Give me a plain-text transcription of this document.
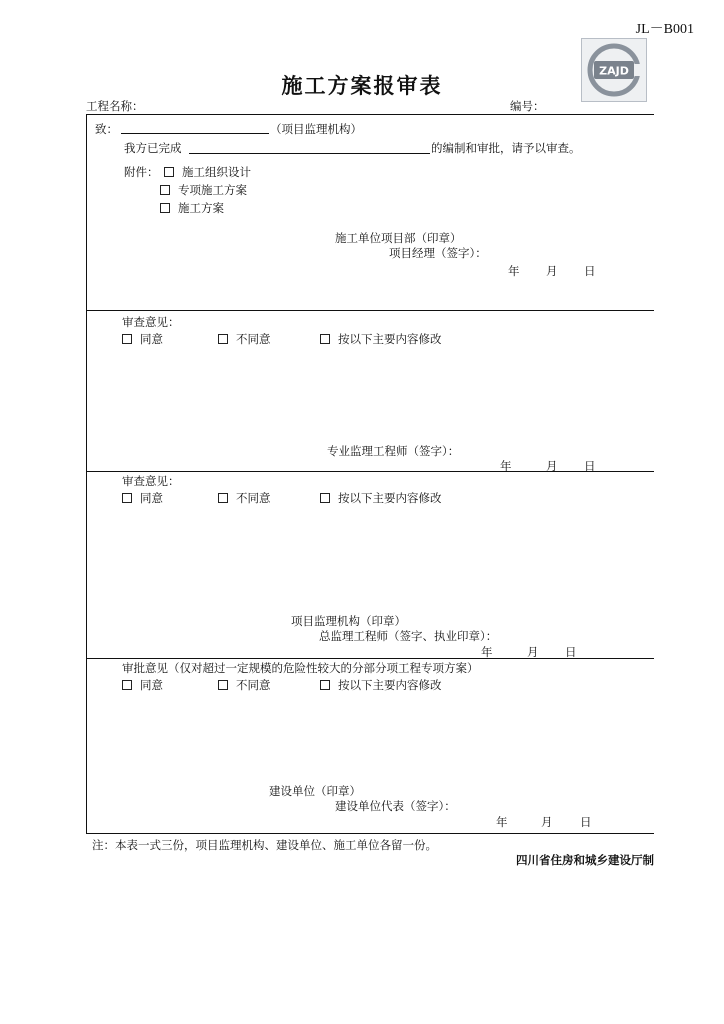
JL－B001
ZAJD
施工方案报审表
工程名称：	编号：
致：	（项目监理机构）
我方已完成	的编制和审批，请予以审查。
附件：	施工组织设计
专项施工方案
施工方案
施工单位项目部（印章）
项目经理（签字）：
年 月 日
审查意见：
同意	不同意	按以下主要内容修改
专业监理工程师（签字）：
年	月 日
审查意见：
同意	不同意	按以下主要内容修改
项目监理机构（印章）
总监理工程师（签字、执业印章）：
年	月 日
审批意见（仅对超过一定规模的危险性较大的分部分项工程专项方案）
同意	不同意	按以下主要内容修改
建设单位（印章）
建设单位代表（签字）：
年	月 日
注：本表一式三份，项目监理机构、建设单位、施工单位各留一份。
四川省住房和城乡建设厅制
